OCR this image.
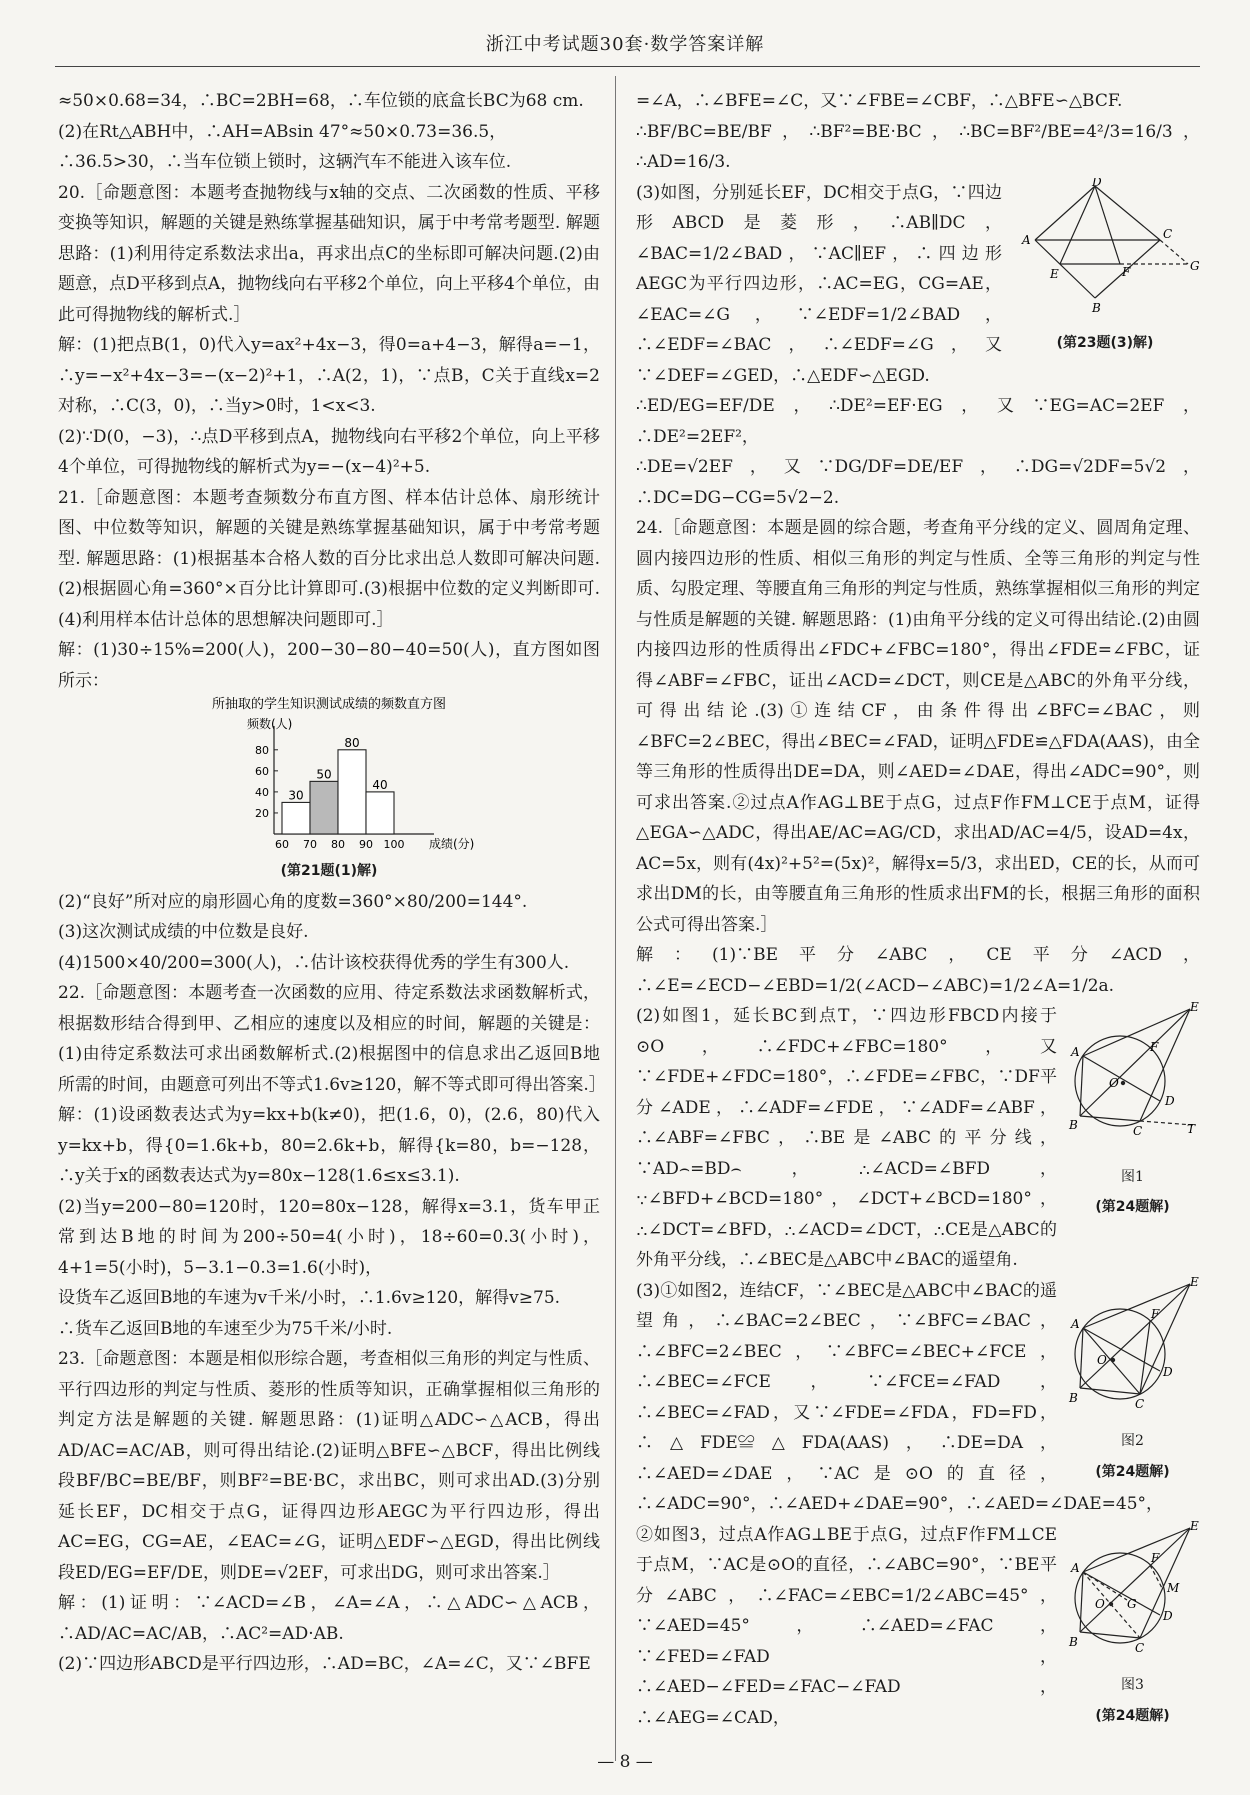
浙江中考试题30套·数学答案详解

≈50×0.68=34，∴BC=2BH=68，∴车位锁的底盒长BC为68 cm.

(2)在Rt△ABH中，∴AH=ABsin 47°≈50×0.73=36.5，

∴36.5>30，∴当车位锁上锁时，这辆汽车不能进入该车位.

20.［命题意图：本题考查抛物线与x轴的交点、二次函数的性质、平移变换等知识，解题的关键是熟练掌握基础知识，属于中考常考题型. 解题思路：(1)利用待定系数法求出a，再求出点C的坐标即可解决问题.(2)由题意，点D平移到点A，抛物线向右平移2个单位，向上平移4个单位，由此可得抛物线的解析式.］

解：(1)把点B(1，0)代入y=ax²+4x−3，得0=a+4−3，解得a=−1，∴y=−x²+4x−3=−(x−2)²+1，∴A(2，1)，∵点B，C关于直线x=2对称，∴C(3，0)，∴当y>0时，1<x<3.

(2)∵D(0，−3)，∴点D平移到点A，抛物线向右平移2个单位，向上平移4个单位，可得抛物线的解析式为y=−(x−4)²+5.

21.［命题意图：本题考查频数分布直方图、样本估计总体、扇形统计图、中位数等知识，解题的关键是熟练掌握基础知识，属于中考常考题型. 解题思路：(1)根据基本合格人数的百分比求出总人数即可解决问题.(2)根据圆心角=360°×百分比计算即可.(3)根据中位数的定义判断即可.(4)利用样本估计总体的思想解决问题即可.］

解：(1)30÷15%=200(人)，200−30−80−40=50(人)，直方图如图所示：

所抽取的学生知识测试成绩的频数直方图
频数(人)
成绩(分)
20
40
60
80
60 70 80 90 100
30
50
80
40
(第21题(1)解)

(2)“良好”所对应的扇形圆心角的度数=360°×80/200=144°.

(3)这次测试成绩的中位数是良好.

(4)1500×40/200=300(人)，∴估计该校获得优秀的学生有300人.

22.［命题意图：本题考查一次函数的应用、待定系数法求函数解析式，根据数形结合得到甲、乙相应的速度以及相应的时间，解题的关键是：(1)由待定系数法可求出函数解析式.(2)根据图中的信息求出乙返回B地所需的时间，由题意可列出不等式1.6v≥120，解不等式即可得出答案.］

解：(1)设函数表达式为y=kx+b(k≠0)，把(1.6，0)，(2.6，80)代入y=kx+b，得{0=1.6k+b，80=2.6k+b，解得{k=80，b=−128，∴y关于x的函数表达式为y=80x−128(1.6≤x≤3.1).

(2)当y=200−80=120时，120=80x−128，解得x=3.1，货车甲正常到达B地的时间为200÷50=4(小时)，18÷60=0.3(小时)，4+1=5(小时)，5−3.1−0.3=1.6(小时)，

设货车乙返回B地的车速为v千米/小时，∴1.6v≥120，解得v≥75.

∴货车乙返回B地的车速至少为75千米/小时.

23.［命题意图：本题是相似形综合题，考查相似三角形的判定与性质、平行四边形的判定与性质、菱形的性质等知识，正确掌握相似三角形的判定方法是解题的关键. 解题思路：(1)证明△ADC∽△ACB，得出AD/AC=AC/AB，则可得出结论.(2)证明△BFE∽△BCF，得出比例线段BF/BC=BE/BF，则BF²=BE·BC，求出BC，则可求出AD.(3)分别延长EF，DC相交于点G，证得四边形AEGC为平行四边形，得出AC=EG，CG=AE，∠EAC=∠G，证明△EDF∽△EGD，得出比例线段ED/EG=EF/DE，则DE=√2EF，可求出DG，则可求出答案.］

解：(1)证明：∵∠ACD=∠B，∠A=∠A，∴△ADC∽△ACB，∴AD/AC=AC/AB，∴AC²=AD·AB.

(2)∵四边形ABCD是平行四边形，∴AD=BC，∠A=∠C，又∵∠BFE

=∠A，∴∠BFE=∠C，又∵∠FBE=∠CBF，∴△BFE∽△BCF.

∴BF/BC=BE/BF，∴BF²=BE·BC，∴BC=BF²/BE=4²/3=16/3，∴AD=16/3.

D
A	C
E	F	G
B
(第23题(3)解)

(3)如图，分别延长EF，DC相交于点G，∵四边形ABCD是菱形，∴AB∥DC，∠BAC=1/2∠BAD，∵AC∥EF，∴四边形AEGC为平行四边形，∴AC=EG，CG=AE，∠EAC=∠G，∵∠EDF=1/2∠BAD，∴∠EDF=∠BAC，∴∠EDF=∠G，又∵∠DEF=∠GED，∴△EDF∽△EGD.

∴ED/EG=EF/DE，∴DE²=EF·EG，又∵EG=AC=2EF，∴DE²=2EF²，

∴DE=√2EF，又∵DG/DF=DE/EF，∴DG=√2DF=5√2，∴DC=DG−CG=5√2−2.

24.［命题意图：本题是圆的综合题，考查角平分线的定义、圆周角定理、圆内接四边形的性质、相似三角形的判定与性质、全等三角形的判定与性质、勾股定理、等腰直角三角形的判定与性质，熟练掌握相似三角形的判定与性质是解题的关键. 解题思路：(1)由角平分线的定义可得出结论.(2)由圆内接四边形的性质得出∠FDC+∠FBC=180°，得出∠FDE=∠FBC，证得∠ABF=∠FBC，证出∠ACD=∠DCT，则CE是△ABC的外角平分线，可得出结论.(3)①连结CF，由条件得出∠BFC=∠BAC，则∠BFC=2∠BEC，得出∠BEC=∠FAD，证明△FDE≌△FDA(AAS)，由全等三角形的性质得出DE=DA，则∠AED=∠DAE，得出∠ADC=90°，则可求出答案.②过点A作AG⊥BE于点G，过点F作FM⊥CE于点M，证得△EGA∽△ADC，得出AE/AC=AG/CD，求出AD/AC=4/5，设AD=4x，AC=5x，则有(4x)²+5²=(5x)²，解得x=5/3，求出ED，CE的长，从而可求出DM的长，由等腰直角三角形的性质求出FM的长，根据三角形的面积公式可得出答案.］

解：(1)∵BE平分∠ABC，CE平分∠ACD，∴∠E=∠ECD−∠EBD=1/2(∠ACD−∠ABC)=1/2∠A=1/2a.

E
A	F
O
D
B	C	T
图1
(第24题解)

(2)如图1，延长BC到点T，∵四边形FBCD内接于⊙O，∴∠FDC+∠FBC=180°，又∵∠FDE+∠FDC=180°，∴∠FDE=∠FBC，∵DF平分∠ADE，∴∠ADF=∠FDE，∵∠ADF=∠ABF，∴∠ABF=∠FBC，∴BE是∠ABC的平分线，∵AD⌢=BD⌢，∴∠ACD=∠BFD，∵∠BFD+∠BCD=180°，∠DCT+∠BCD=180°，∴∠DCT=∠BFD，∴∠ACD=∠DCT，∴CE是△ABC的外角平分线，∴∠BEC是△ABC中∠BAC的遥望角.

E
A
F
O
D
B	C
图2
(第24题解)

(3)①如图2，连结CF，∵∠BEC是△ABC中∠BAC的遥望角，∴∠BAC=2∠BEC，∵∠BFC=∠BAC，∴∠BFC=2∠BEC，∵∠BFC=∠BEC+∠FCE，∴∠BEC=∠FCE，∵∠FCE=∠FAD，∴∠BEC=∠FAD，又∵∠FDE=∠FDA，FD=FD，∴△FDE≌△FDA(AAS)，∴DE=DA，∴∠AED=∠DAE，∵AC是⊙O的直径，∴∠ADC=90°，∴∠AED+∠DAE=90°，∴∠AED=∠DAE=45°，

E
A
F
M
O G
D
B	C
图3
(第24题解)

②如图3，过点A作AG⊥BE于点G，过点F作FM⊥CE于点M，∵AC是⊙O的直径，∴∠ABC=90°，∵BE平分∠ABC，∴∠FAC=∠EBC=1/2∠ABC=45°，∵∠AED=45°，∴∠AED=∠FAC，∵∠FED=∠FAD，∴∠AED−∠FED=∠FAC−∠FAD，∴∠AEG=∠CAD，

— 8 —
